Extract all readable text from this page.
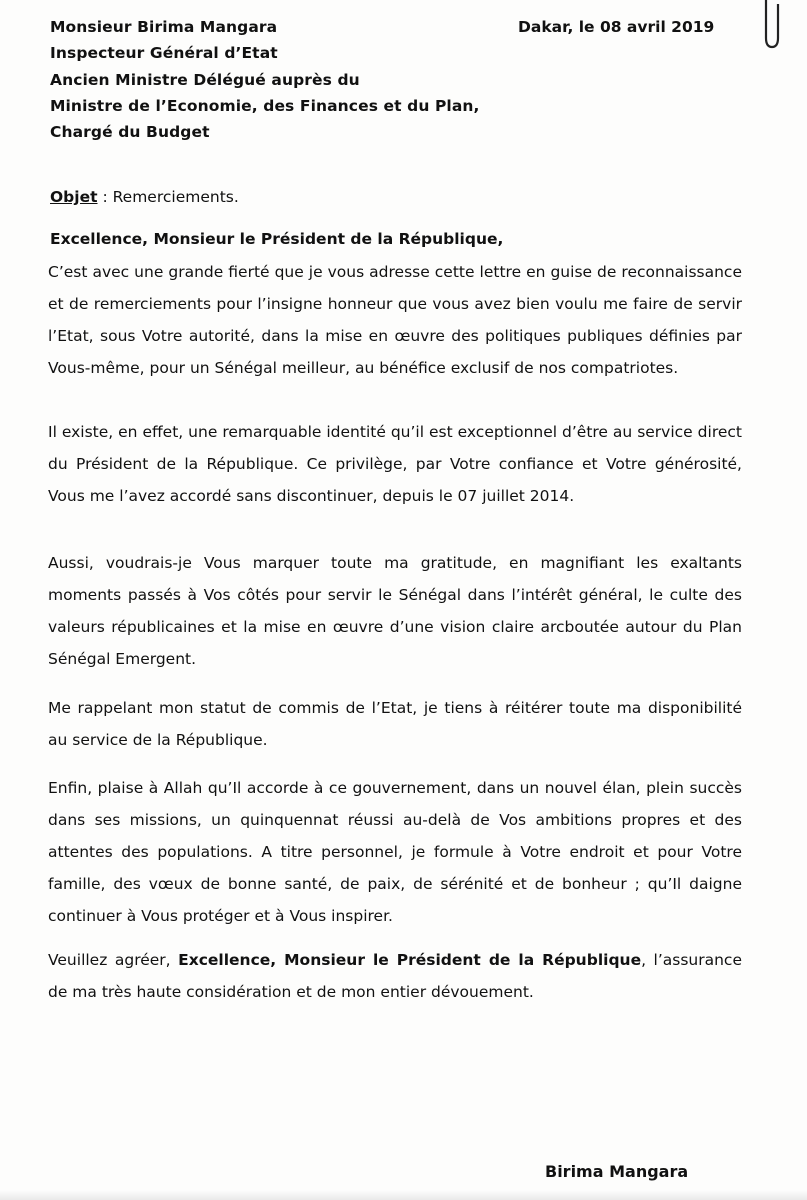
Monsieur Birima Mangara
Inspecteur Général d’Etat
Ancien Ministre Délégué auprès du
Ministre de l’Economie, des Finances et du Plan,
Chargé du Budget
Dakar, le 08 avril 2019
Objet : Remerciements.
Excellence, Monsieur le Président de la République,
C’est avec une grande fierté que je vous adresse cette lettre en guise de reconnaissance et de remerciements pour l’insigne honneur que vous avez bien voulu me faire de servir l’Etat, sous Votre autorité, dans la mise en œuvre des politiques publiques définies par Vous-même, pour un Sénégal meilleur, au bénéfice exclusif de nos compatriotes.
Il existe, en effet, une remarquable identité qu’il est exceptionnel d’être au service direct du Président de la République. Ce privilège, par Votre confiance et Votre générosité, Vous me l’avez accordé sans discontinuer, depuis le 07 juillet 2014.
Aussi, voudrais-je Vous marquer toute ma gratitude, en magnifiant les exaltants moments passés à Vos côtés pour servir le Sénégal dans l’intérêt général, le culte des valeurs républicaines et la mise en œuvre d’une vision claire arcboutée autour du Plan Sénégal Emergent.
Me rappelant mon statut de commis de l’Etat, je tiens à réitérer toute ma disponibilité au service de la République.
Enfin, plaise à Allah qu’Il accorde à ce gouvernement, dans un nouvel élan, plein succès dans ses missions, un quinquennat réussi au-delà de Vos ambitions propres et des attentes des populations. A titre personnel, je formule à Votre endroit et pour Votre famille, des vœux de bonne santé, de paix, de sérénité et de bonheur ; qu’Il daigne continuer à Vous protéger et à Vous inspirer.
Veuillez agréer, Excellence, Monsieur le Président de la République, l’assurance de ma très haute considération et de mon entier dévouement.
Birima Mangara
